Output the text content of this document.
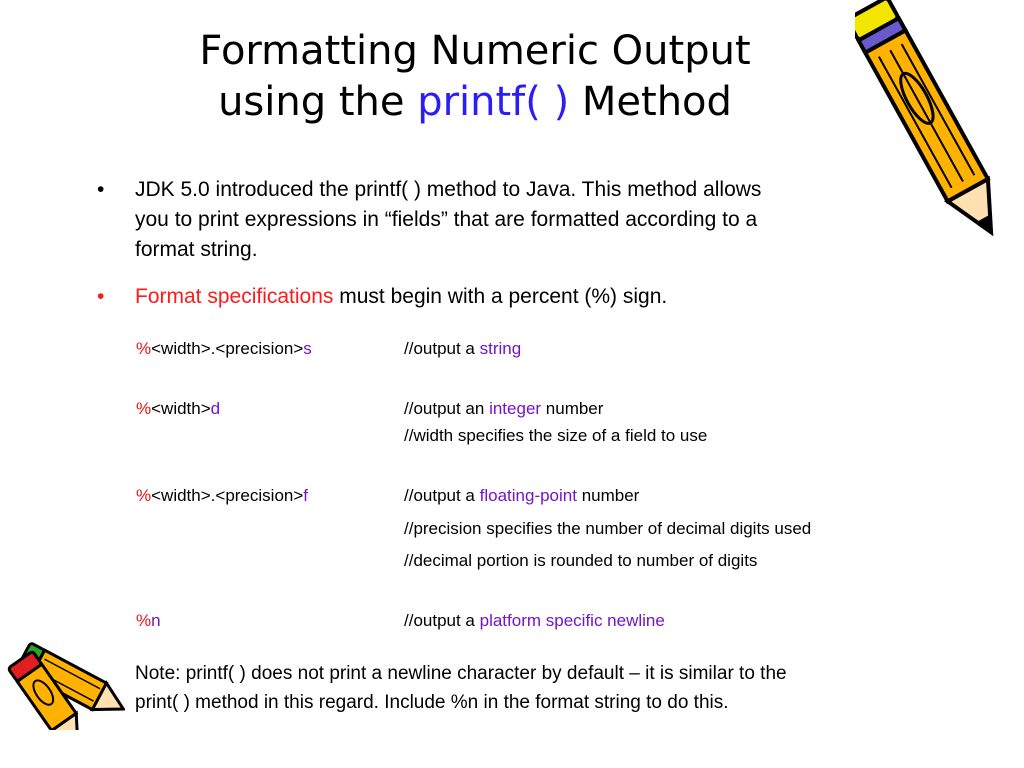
Formatting Numeric Output
using the printf( ) Method
• JDK 5.0 introduced the printf( ) method to Java. This method allows
you to print expressions in “fields” that are formatted according to a
format string.
• Format specifications must begin with a percent (%) sign.
%<width>.<precision>s	//output a string
%<width>d	//output an integer number
//width specifies the size of a field to use
%<width>.<precision>f	//output a floating-point number
//precision specifies the number of decimal digits used
//decimal portion is rounded to number of digits
%n	//output a platform specific newline
Note: printf( ) does not print a newline character by default – it is similar to the
print( ) method in this regard. Include %n in the format string to do this.
